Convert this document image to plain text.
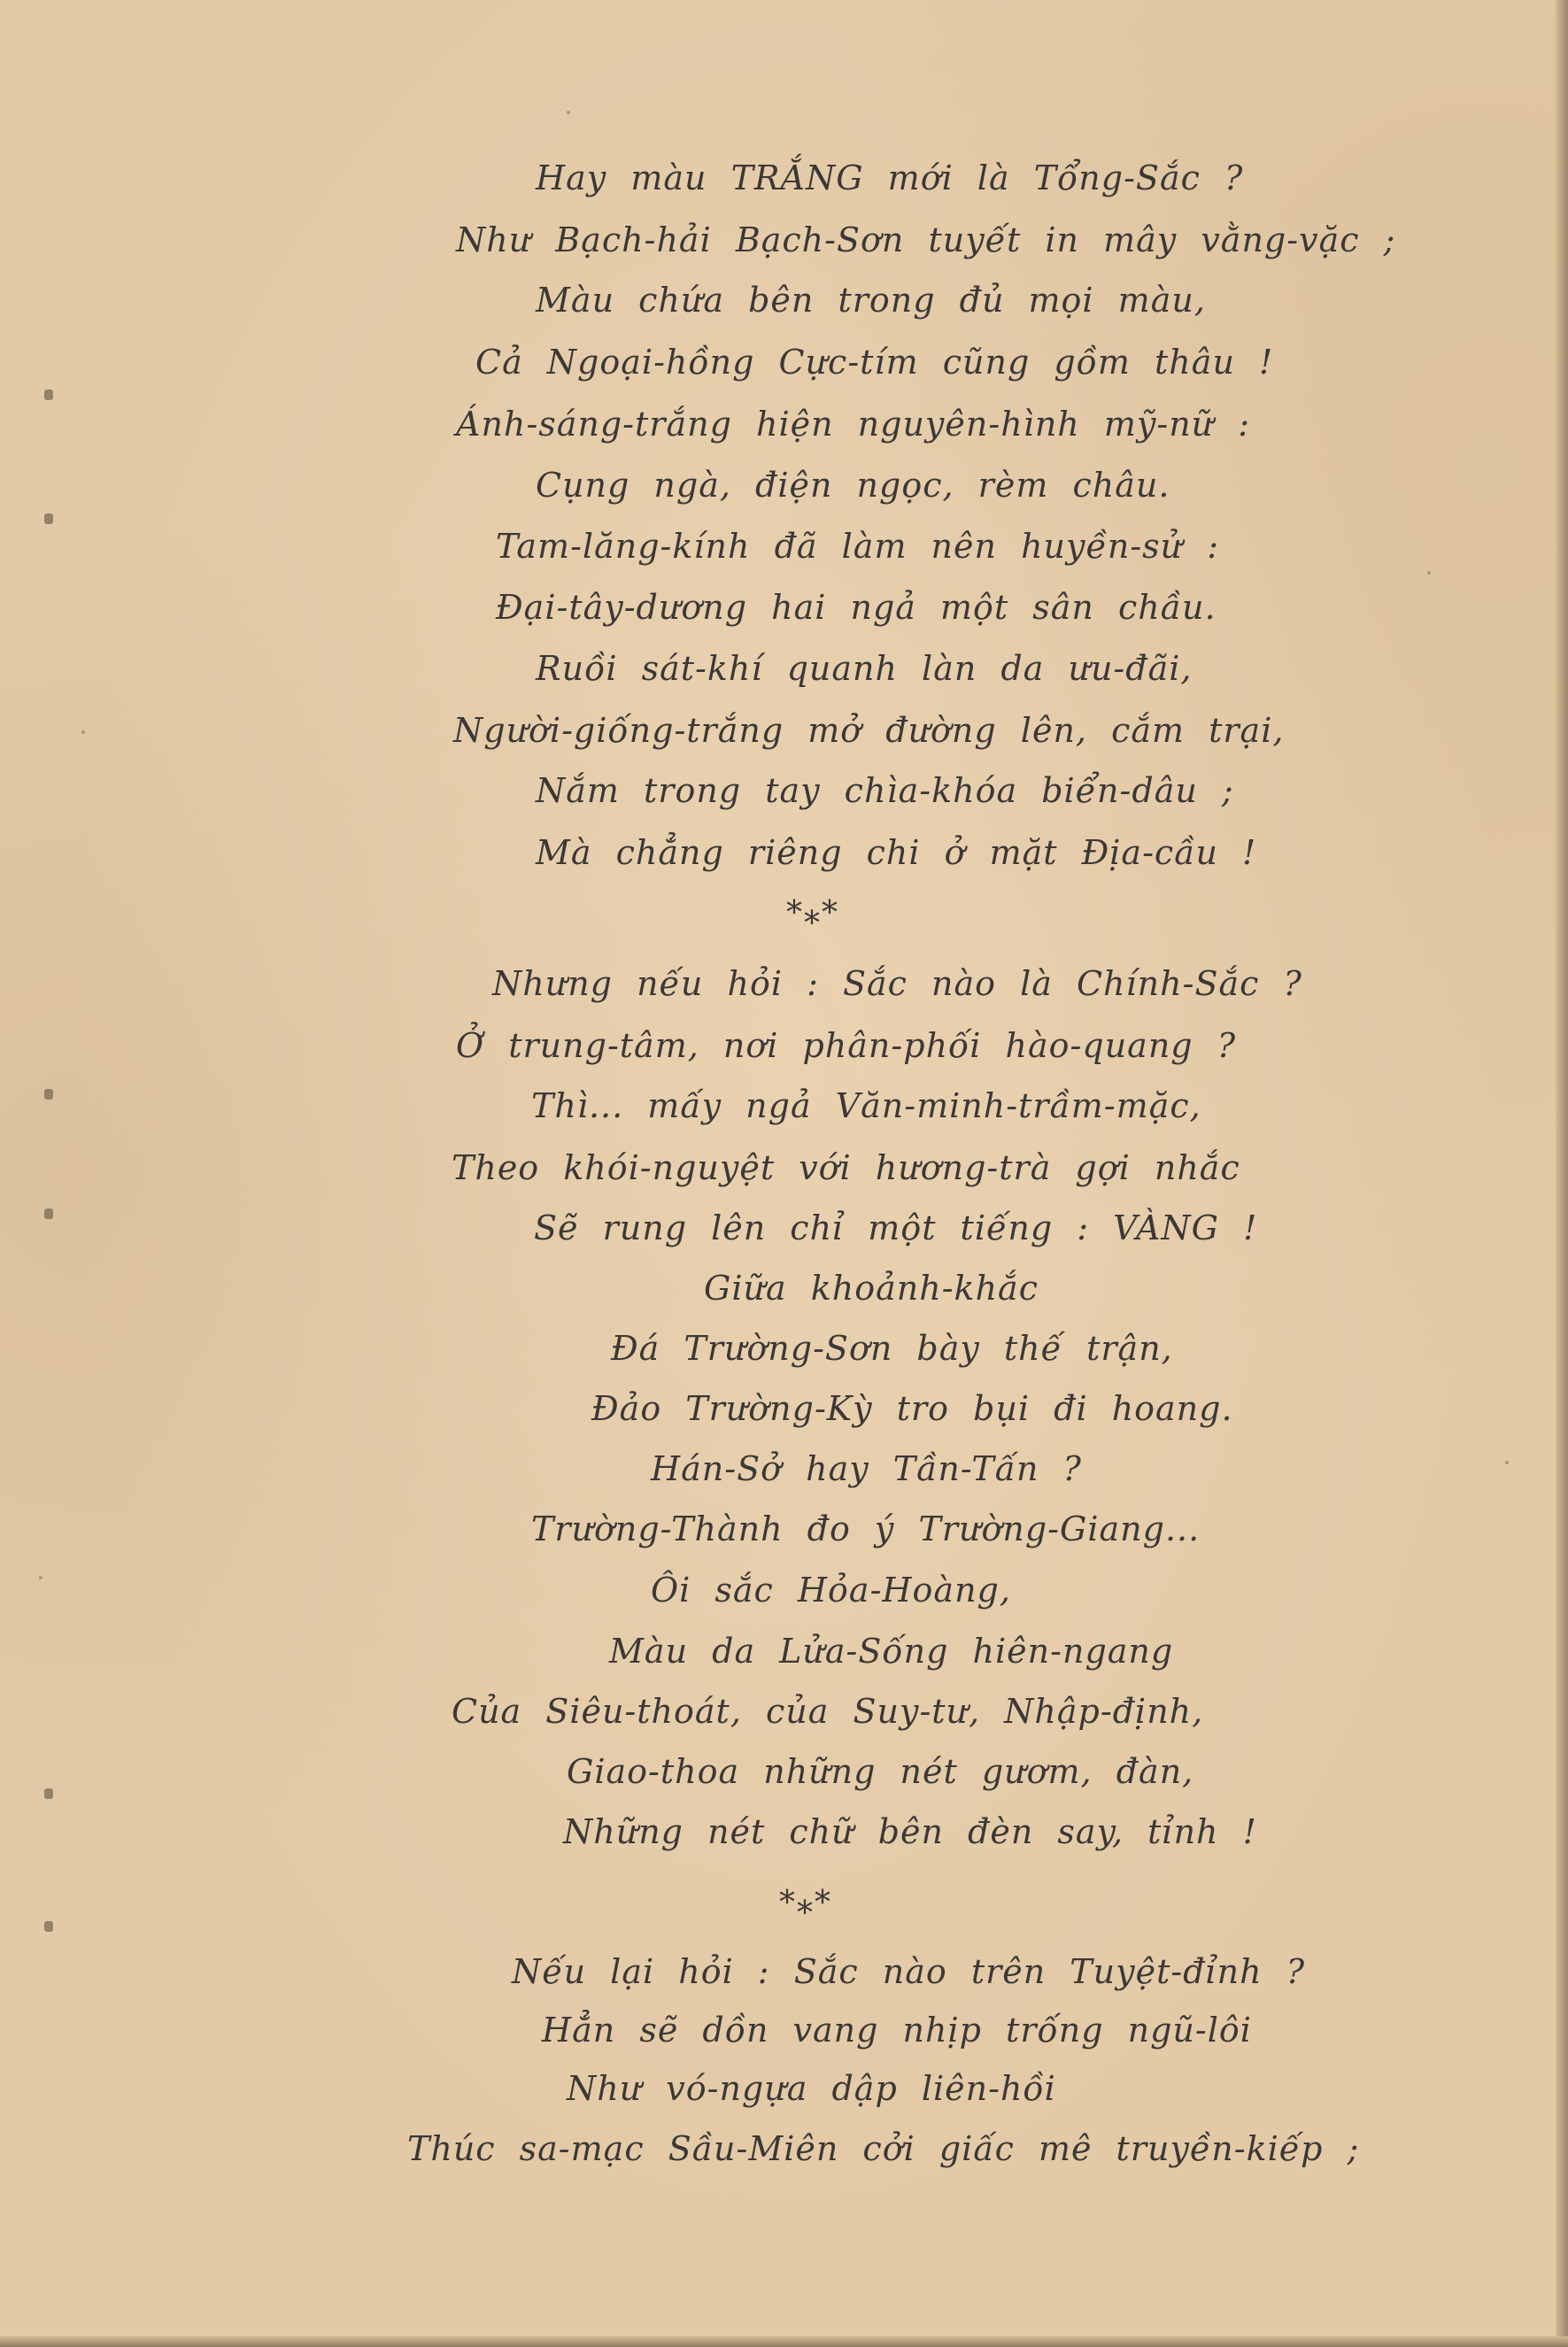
Hay màu TRẮNG mới là Tổng-Sắc ?
Như Bạch-hải Bạch-Sơn tuyết in mây vằng-vặc ;
Màu chứa bên trong đủ mọi màu,
Cả Ngoại-hồng Cực-tím cũng gồm thâu !
Ánh-sáng-trắng hiện nguyên-hình mỹ-nữ :
Cụng ngà, điện ngọc, rèm châu.
Tam-lăng-kính đã làm nên huyền-sử :
Đại-tây-dương hai ngả một sân chầu.
Ruồi sát-khí quanh làn da ưu-đãi,
Người-giống-trắng mở đường lên, cắm trại,
Nắm trong tay chìa-khóa biển-dâu ;
Mà chẳng riêng chi ở mặt Địa-cầu !
*⁎*
Nhưng nếu hỏi : Sắc nào là Chính-Sắc ?
Ở trung-tâm, nơi phân-phối hào-quang ?
Thì... mấy ngả Văn-minh-trầm-mặc,
Theo khói-nguyệt với hương-trà gợi nhắc
Sẽ rung lên chỉ một tiếng : VÀNG !
Giữa khoảnh-khắc
Đá Trường-Sơn bày thế trận,
Đảo Trường-Kỳ tro bụi đi hoang.
Hán-Sở hay Tần-Tấn ?
Trường-Thành đo ý Trường-Giang...
Ôi sắc Hỏa-Hoàng,
Màu da Lửa-Sống hiên-ngang
Của Siêu-thoát, của Suy-tư, Nhập-định,
Giao-thoa những nét gươm, đàn,
Những nét chữ bên đèn say, tỉnh !
*⁎*
Nếu lại hỏi : Sắc nào trên Tuyệt-đỉnh ?
Hẳn sẽ dồn vang nhịp trống ngũ-lôi
Như vó-ngựa dập liên-hồi
Thúc sa-mạc Sầu-Miên cởi giấc mê truyền-kiếp ;
